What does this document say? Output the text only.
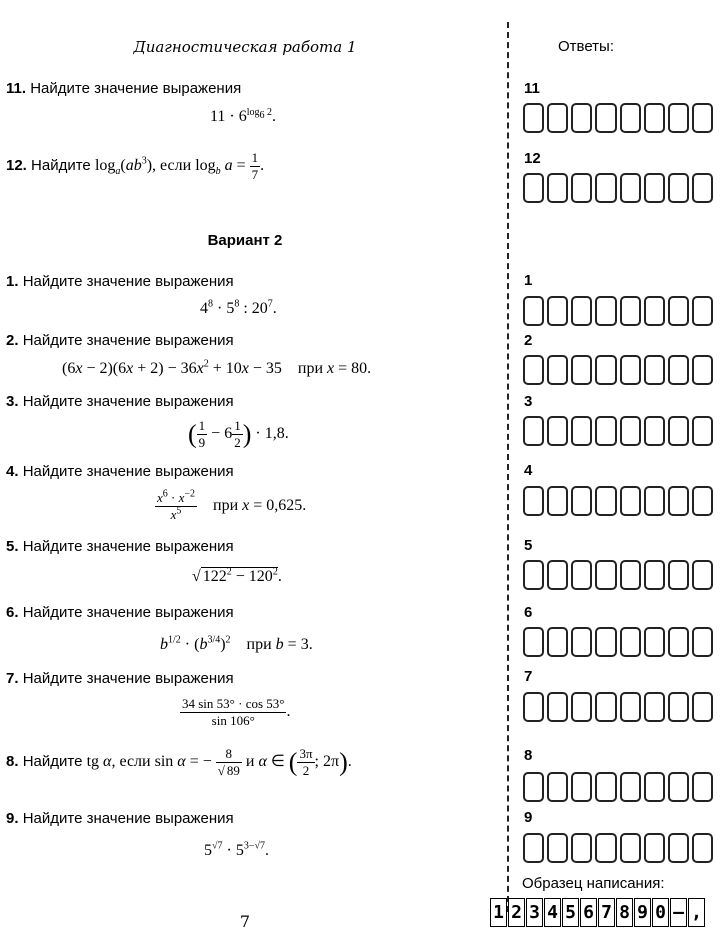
Диагностическая работа 1	Ответы:
11. Найдите значение выражения
$11 \cdot 6^{log_6 2}$.
12. Найдите $\log_a(ab^3)$, если $\log_b a = \frac{1}{7}$ .
Вариант 2
1. Найдите значение выражения
$4^8 \cdot 5^8$ : $20^7$.
2. Найдите значение выражения
$(6x - 2)(6x + 2) - 36x^2 + 10x - 35$    при x = 80.
3. Найдите значение выражения
( $\frac{1}{9} - 6 \frac{1}{2}$ ) · 1,8.
4. Найдите значение выражения
$\frac{x^6 \cdot x^{-2}}{x^5}$ при x = 0,625.
5. Найдите значение выражения
√ $122^2 - 120^2$.
6. Найдите значение выражения
$b^{1/2} \cdot (b^{3/4})^2$    при b = 3.
7. Найдите значение выражения
$\frac{34 \sin 53^\circ \cdot \cos 53^\circ}{\sin 106^\circ}$ .
8. Найдите tg α, если sin α = − $\frac{8}{√ 89}$ и α ∈ ( $\frac{3\pi}{2}$ ; 2π).
9. Найдите значение выражения
$5^{√7} \cdot 5^{3-√7}$.
11
12
1
2
3
4
5
6
7
8
9
Образец написания:
1 2 3 4 5 6 7 8 9 0 – ,
7
